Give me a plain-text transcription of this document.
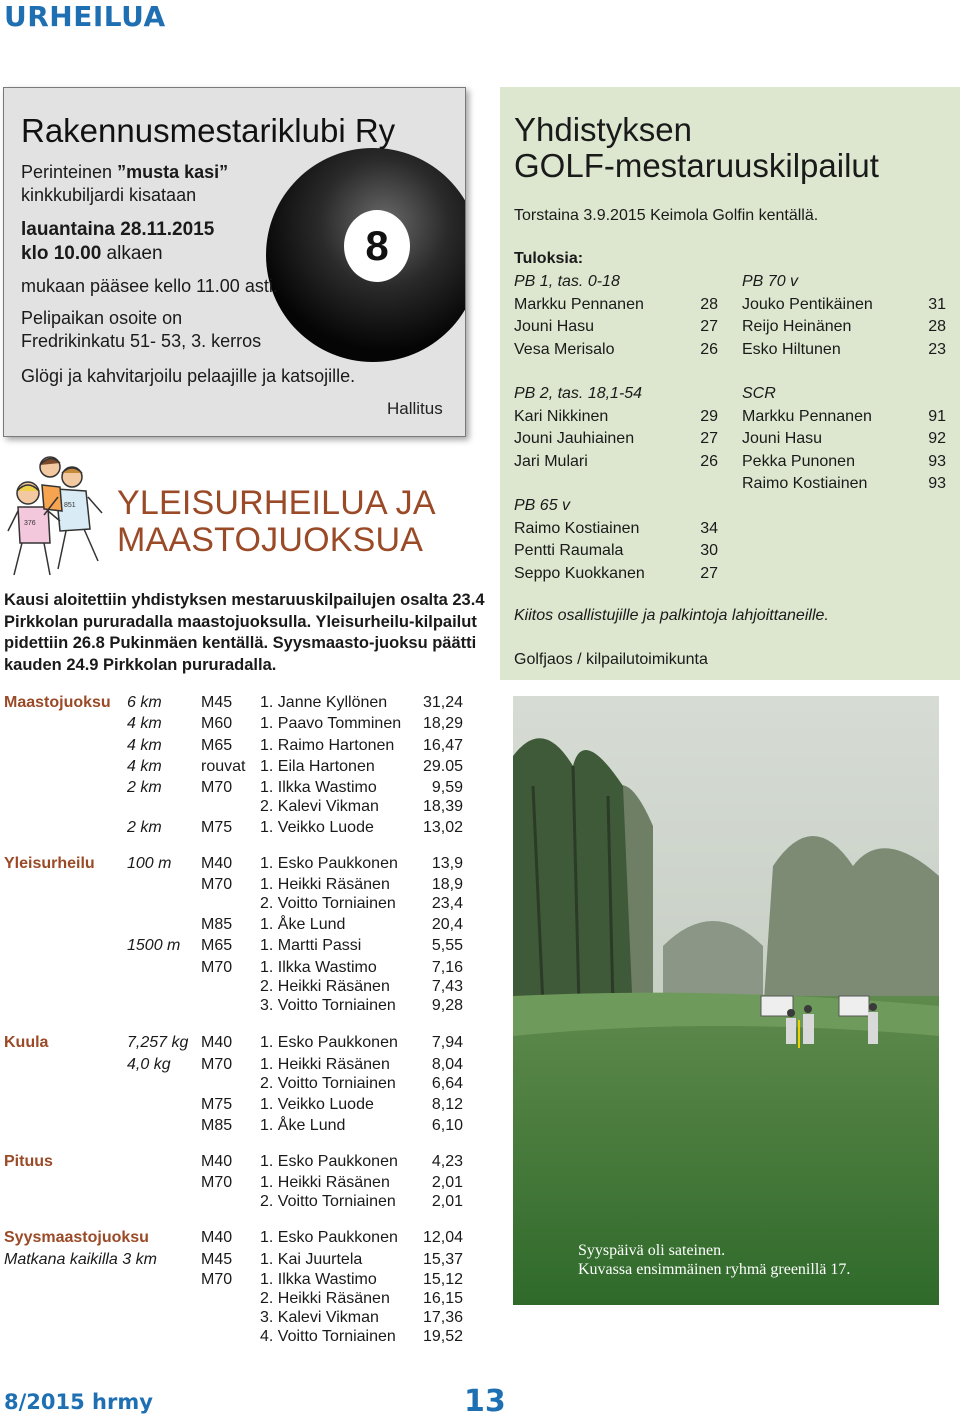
URHEILUA
8
Rakennusmestariklubi Ry
Perinteinen ”musta kasi”
kinkkubiljardi kisataan
lauantaina 28.11.2015
klo 10.00 alkaen
mukaan pääsee kello 11.00 asti.
Pelipaikan osoite on
Fredrikinkatu 51- 53, 3. kerros
Glögi ja kahvitarjoilu pelaajille ja katsojille.
Hallitus
851
376
YLEISURHEILUA JA
MAASTOJUOKSUA
Kausi aloitettiin yhdistyksen mestaruuskilpailujen osalta 23.4 Pirkkolan pururadalla maastojuoksulla. Yleisurheilu-kilpailut pidettiin 26.8 Pukinmäen kentällä. Syysmaasto-juoksu päätti kauden 24.9 Pirkkolan pururadalla.
Maastojuoksu 6 km M45 1. Janne Kyllönen	31,24
4 km M60 1. Paavo Tomminen	18,29
4 km M65 1. Raimo Hartonen	16,47
4 km rouvat 1. Eila Hartonen	29.05
2 km M70 1. Ilkka Wastimo	9,59
2. Kalevi Vikman	18,39
2 km M75 1. Veikko Luode	13,02
Yleisurheilu 100 m M40 1. Esko Paukkonen	13,9
M70 1. Heikki Räsänen	18,9
2. Voitto Torniainen	23,4
M85 1. Åke Lund	20,4
1500 m M65 1. Martti Passi	5,55
M70 1. Ilkka Wastimo	7,16
2. Heikki Räsänen	7,43
3. Voitto Torniainen	9,28
Kuula	7,257 kg M40 1. Esko Paukkonen	7,94
4,0 kg M70 1. Heikki Räsänen	8,04
2. Voitto Torniainen	6,64
M75 1. Veikko Luode	8,12
M85 1. Åke Lund	6,10
Pituus	M40 1. Esko Paukkonen	4,23
M70 1. Heikki Räsänen	2,01
2. Voitto Torniainen	2,01
Syysmaastojuoksu	M40 1. Esko Paukkonen	12,04
Matkana kaikilla 3 km	M45 1. Kai Juurtela	15,37
M70 1. Ilkka Wastimo	15,12
2. Heikki Räsänen	16,15
3. Kalevi Vikman	17,36
4. Voitto Torniainen	19,52
Yhdistyksen
GOLF-mestaruuskilpailut
Torstaina 3.9.2015 Keimola Golfin kentällä.
Tuloksia:
PB 1, tas. 0-18
Markku Pennanen	28
Jouni Hasu	27
Vesa Merisalo	26
PB 70 v
Jouko Pentikäinen	31
Reijo Heinänen	28
Esko Hiltunen	23
PB 2, tas. 18,1-54
Kari Nikkinen	29
Jouni Jauhiainen	27
Jari Mulari	26
SCR
Markku Pennanen	91
Jouni Hasu	92
Pekka Punonen	93
Raimo Kostiainen	93
PB 65 v
Raimo Kostiainen	34
Pentti Raumala	30
Seppo Kuokkanen	27
Kiitos osallistujille ja palkintoja lahjoittaneille.
Golfjaos / kilpailutoimikunta
Syyspäivä oli sateinen.
Kuvassa ensimmäinen ryhmä greenillä 17.
8/2015 hrmy	13
